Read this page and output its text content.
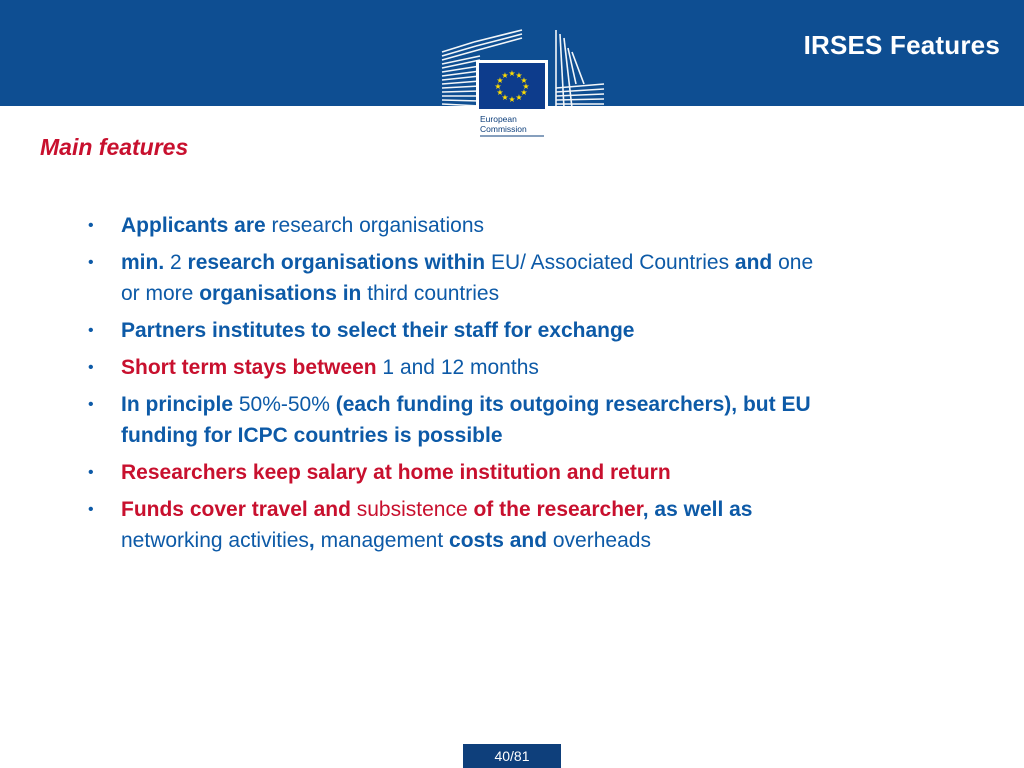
IRSES Features
★ ★
★
★
★
★
★
★
★
★
★
★
European
Commission
Main features
• Applicants are research organisations
• min. 2 research organisations within EU/ Associated Countries and one or more organisations in third countries
• Partners institutes to select their staff for exchange
• Short term stays between 1 and 12 months
• In principle 50%-50% (each funding its outgoing researchers), but EU funding for ICPC countries is possible
• Researchers keep salary at home institution and return
• Funds cover travel and subsistence of the researcher, as well as networking activities, management costs and overheads
40/81
